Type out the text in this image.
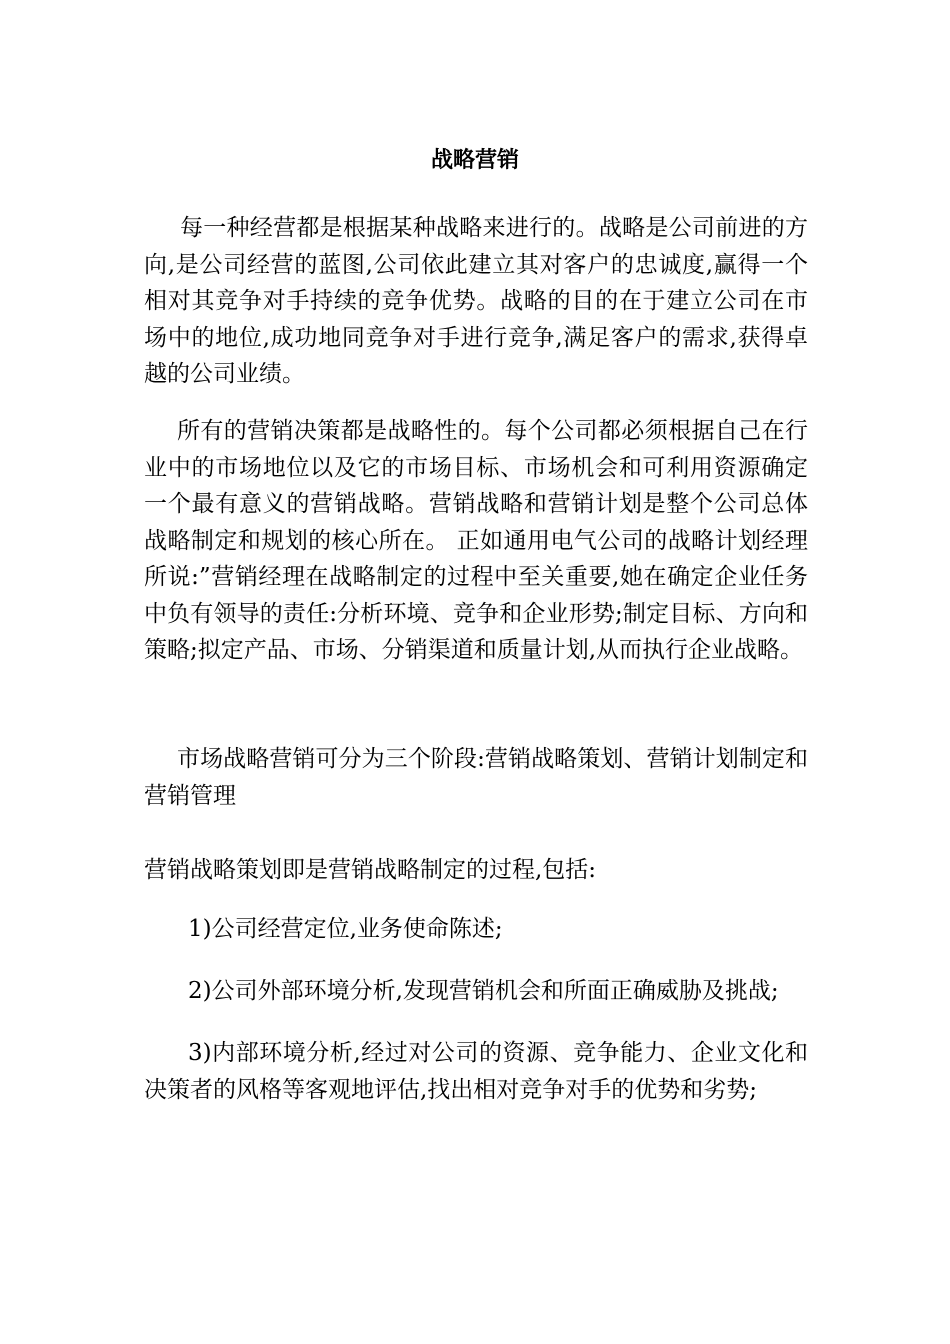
战略营销

每一种经营都是根据某种战略来进行的。战略是公司前进的方向,是公司经营的蓝图,公司依此建立其对客户的忠诚度,赢得一个相对其竞争对手持续的竞争优势。战略的目的在于建立公司在市场中的地位,成功地同竞争对手进行竞争,满足客户的需求,获得卓越的公司业绩。

所有的营销决策都是战略性的。每个公司都必须根据自己在行业中的市场地位以及它的市场目标、市场机会和可利用资源确定一个最有意义的营销战略。营销战略和营销计划是整个公司总体战略制定和规划的核心所在。 正如通用电气公司的战略计划经理所说:”营销经理在战略制定的过程中至关重要,她在确定企业任务中负有领导的责任:分析环境、竞争和企业形势;制定目标、方向和策略;拟定产品、市场、分销渠道和质量计划,从而执行企业战略。

市场战略营销可分为三个阶段:营销战略策划、营销计划制定和营销管理

营销战略策划即是营销战略制定的过程,包括:

1)公司经营定位,业务使命陈述;

2)公司外部环境分析,发现营销机会和所面正确威胁及挑战;

3)内部环境分析,经过对公司的资源、竞争能力、企业文化和决策者的风格等客观地评估,找出相对竞争对手的优势和劣势;
